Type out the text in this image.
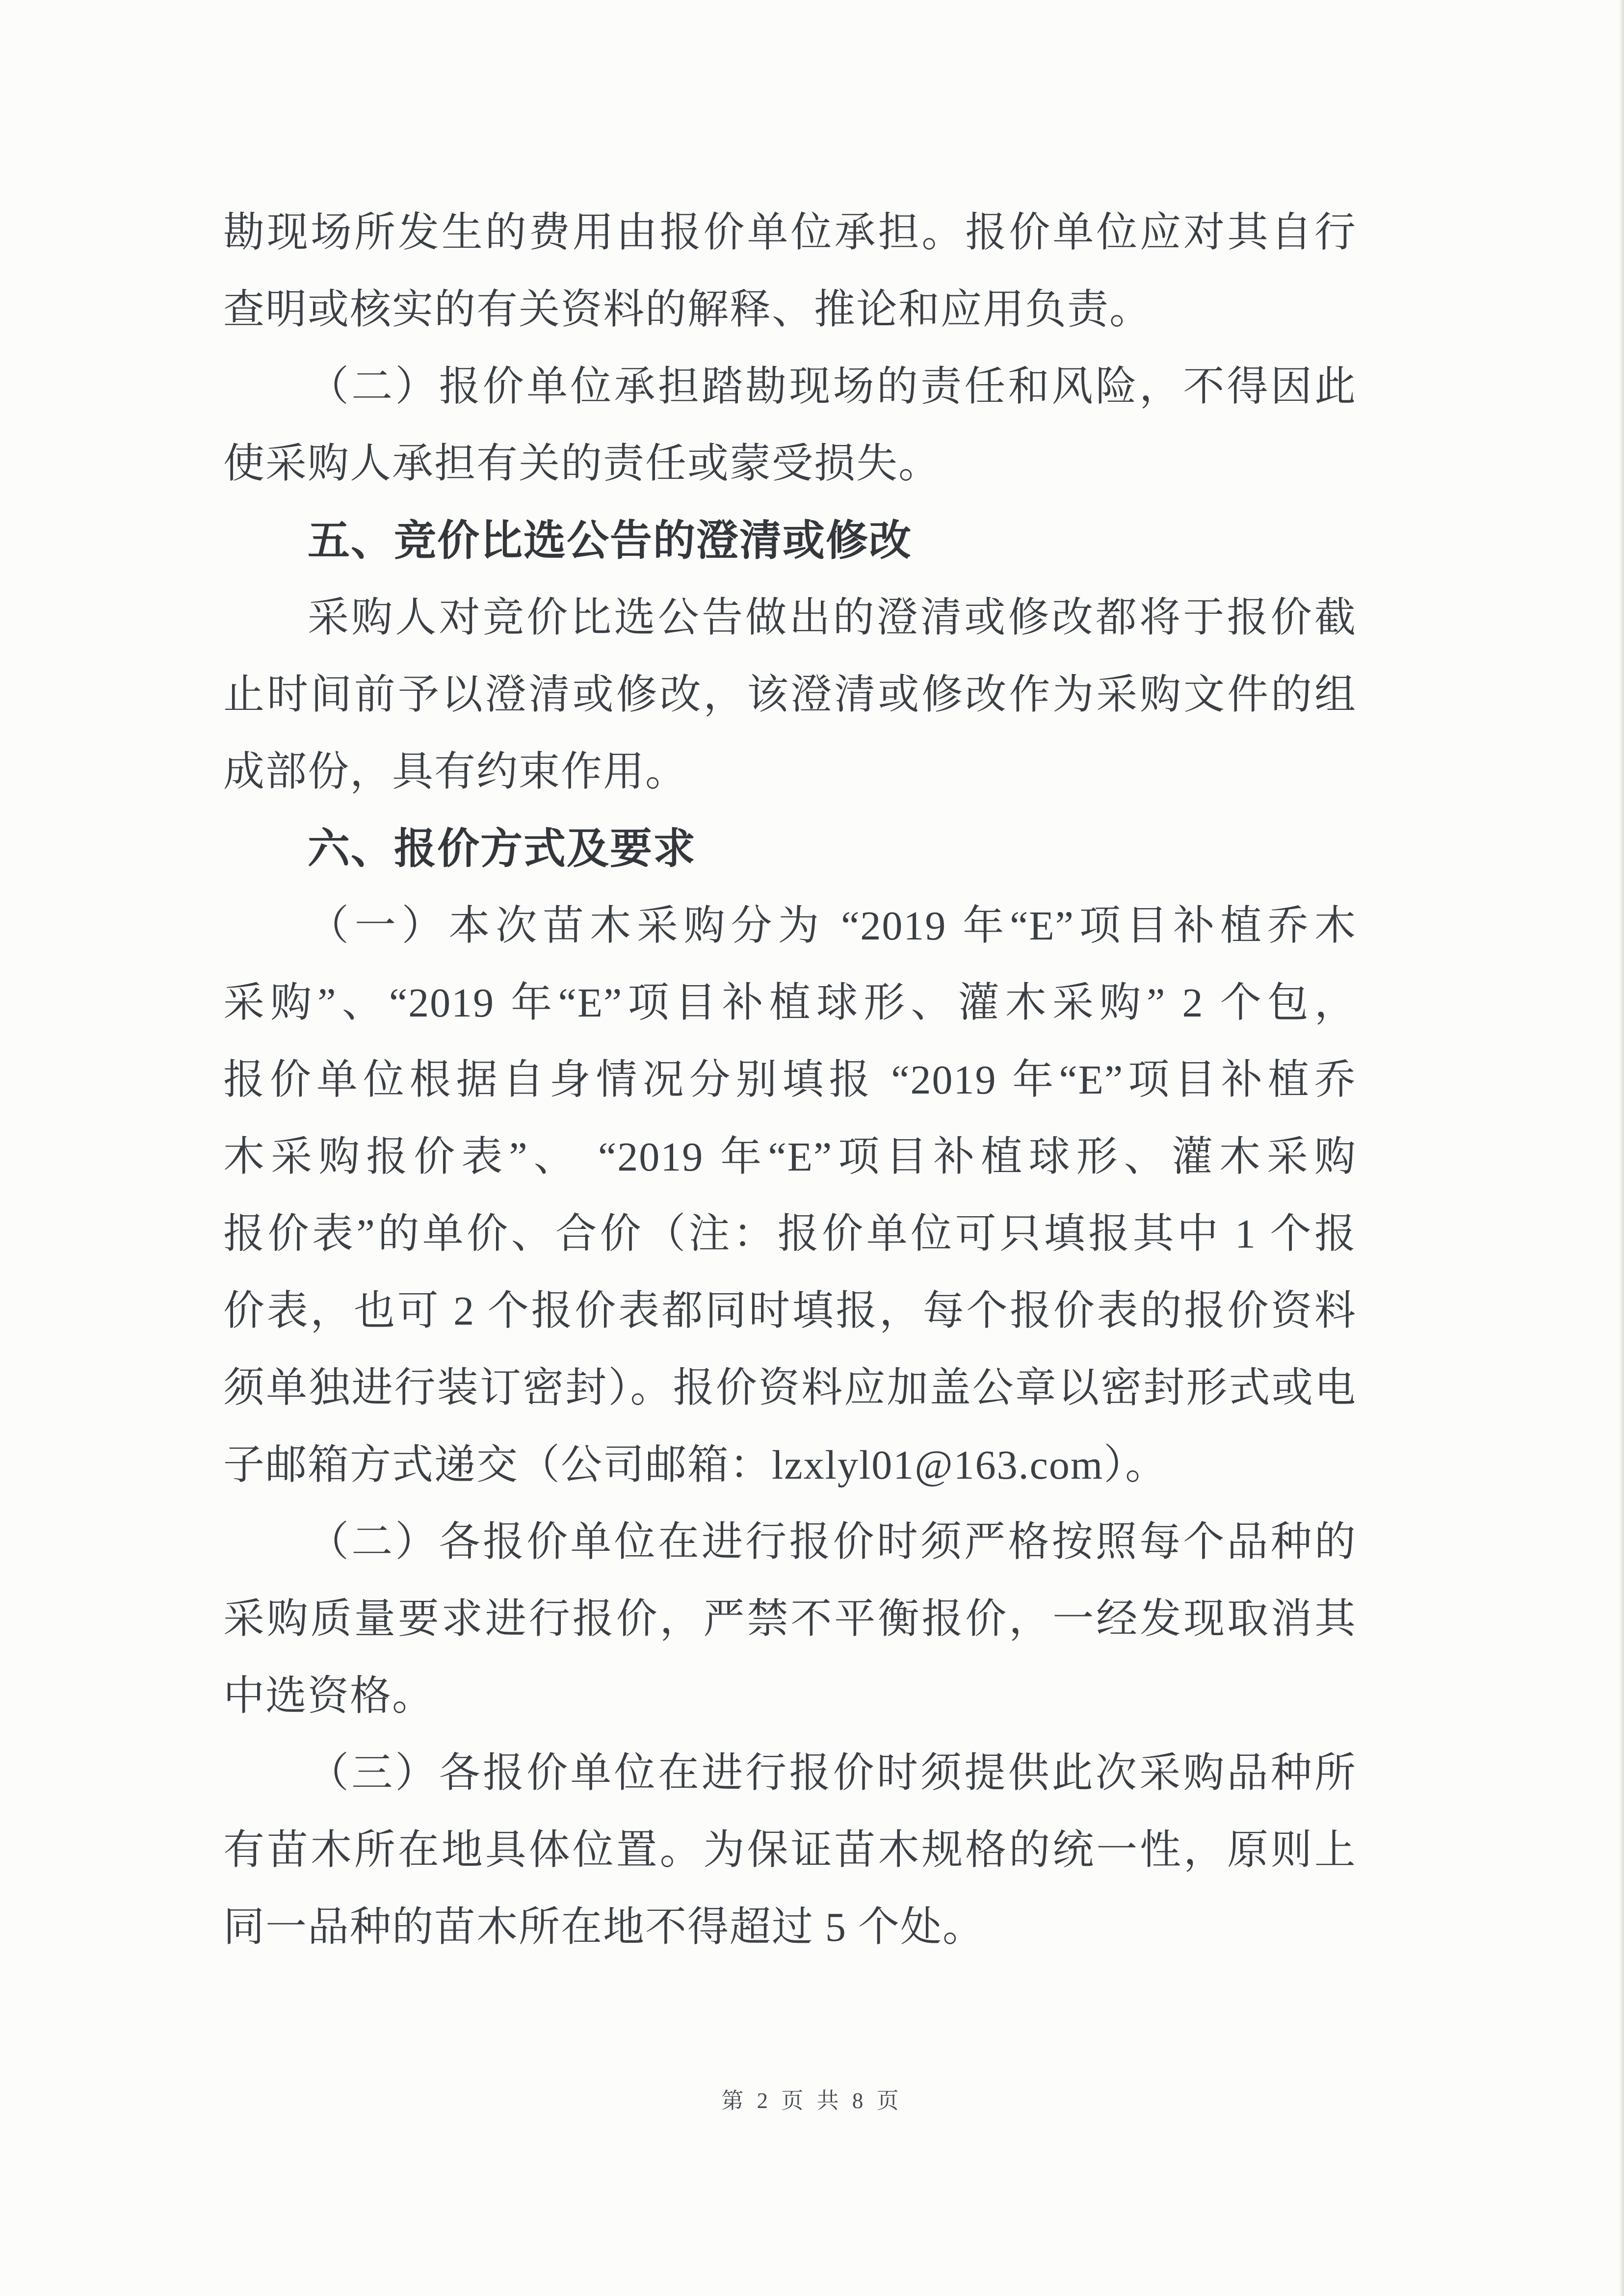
勘现场所发生的费用由报价单位承担。报价单位应对其自行
查明或核实的有关资料的解释、推论和应用负责。
（二）报价单位承担踏勘现场的责任和风险，不得因此
使采购人承担有关的责任或蒙受损失。
五、竞价比选公告的澄清或修改
采购人对竞价比选公告做出的澄清或修改都将于报价截
止时间前予以澄清或修改，该澄清或修改作为采购文件的组
成部份，具有约束作用。
六、报价方式及要求
（一）本次苗木采购分为 “2019 年“E”项目补植乔木
采购”、“2019 年“E”项目补植球形、灌木采购” 2 个包，
报价单位根据自身情况分别填报 “2019 年“E”项目补植乔
木采购报价表”、 “2019 年“E”项目补植球形、灌木采购
报价表”的单价、合价（注：报价单位可只填报其中 1 个报
价表，也可 2 个报价表都同时填报，每个报价表的报价资料
须单独进行装订密封）。报价资料应加盖公章以密封形式或电
子邮箱方式递交（公司邮箱：lzxlyl01@163.com）。
（二）各报价单位在进行报价时须严格按照每个品种的
采购质量要求进行报价，严禁不平衡报价，一经发现取消其
中选资格。
（三）各报价单位在进行报价时须提供此次采购品种所
有苗木所在地具体位置。为保证苗木规格的统一性，原则上
同一品种的苗木所在地不得超过 5 个处。
第 2 页 共 8 页
